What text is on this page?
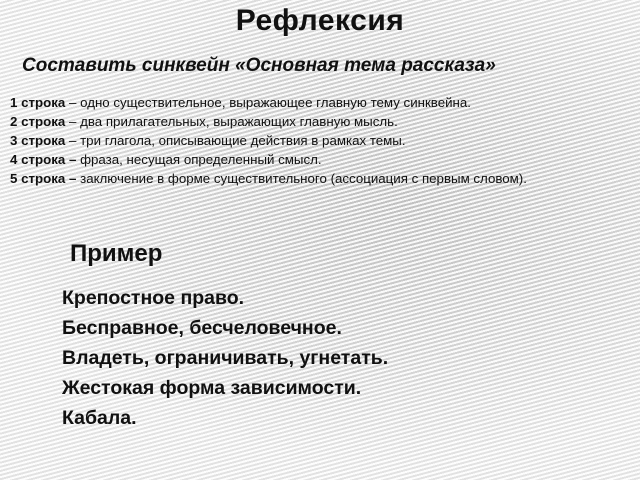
Рефлексия
Составить синквейн «Основная тема рассказа»
1 строка – одно существительное, выражающее главную тему синквейна.
2 строка – два прилагательных, выражающих главную мысль.
3 строка – три глагола, описывающие действия в рамках темы.
4 строка – фраза, несущая определенный смысл.
5 строка – заключение в форме существительного (ассоциация с первым словом).
Пример
Крепостное право.
Бесправное, бесчеловечное.
Владеть, ограничивать, угнетать.
Жестокая форма зависимости.
Кабала.
